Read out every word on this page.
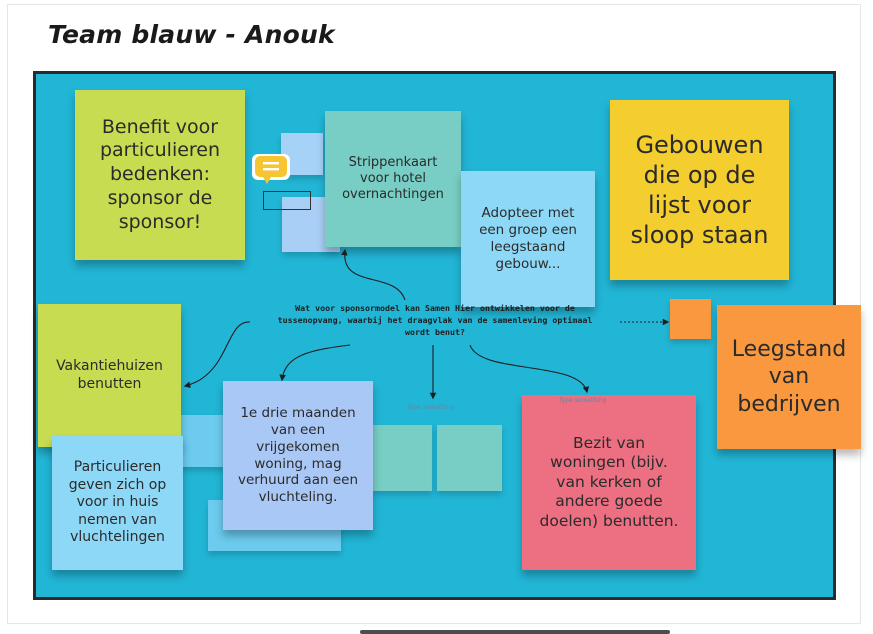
Team blauw - Anouk
Benefit voor particulieren bedenken: sponsor de sponsor!
Strippenkaart voor hotel overnachtingen
Adopteer met een groep een leegstaand gebouw...
Gebouwen die op de lijst voor sloop staan
Leegstand van bedrijven
Vakantiehuizen benutten
Particulieren geven zich op voor in huis nemen van vluchtelingen
1e drie maanden van een vrijgekomen woning, mag verhuurd aan een vluchteling.
Bezit van woningen (bijv. van kerken of andere goede doelen) benutten.
Wat voor sponsormodel kan Samen Hier ontwikkelen voor de tussenopvang, waarbij het draagvlak van de samenleving optimaal wordt benut?
Type something
Type something
